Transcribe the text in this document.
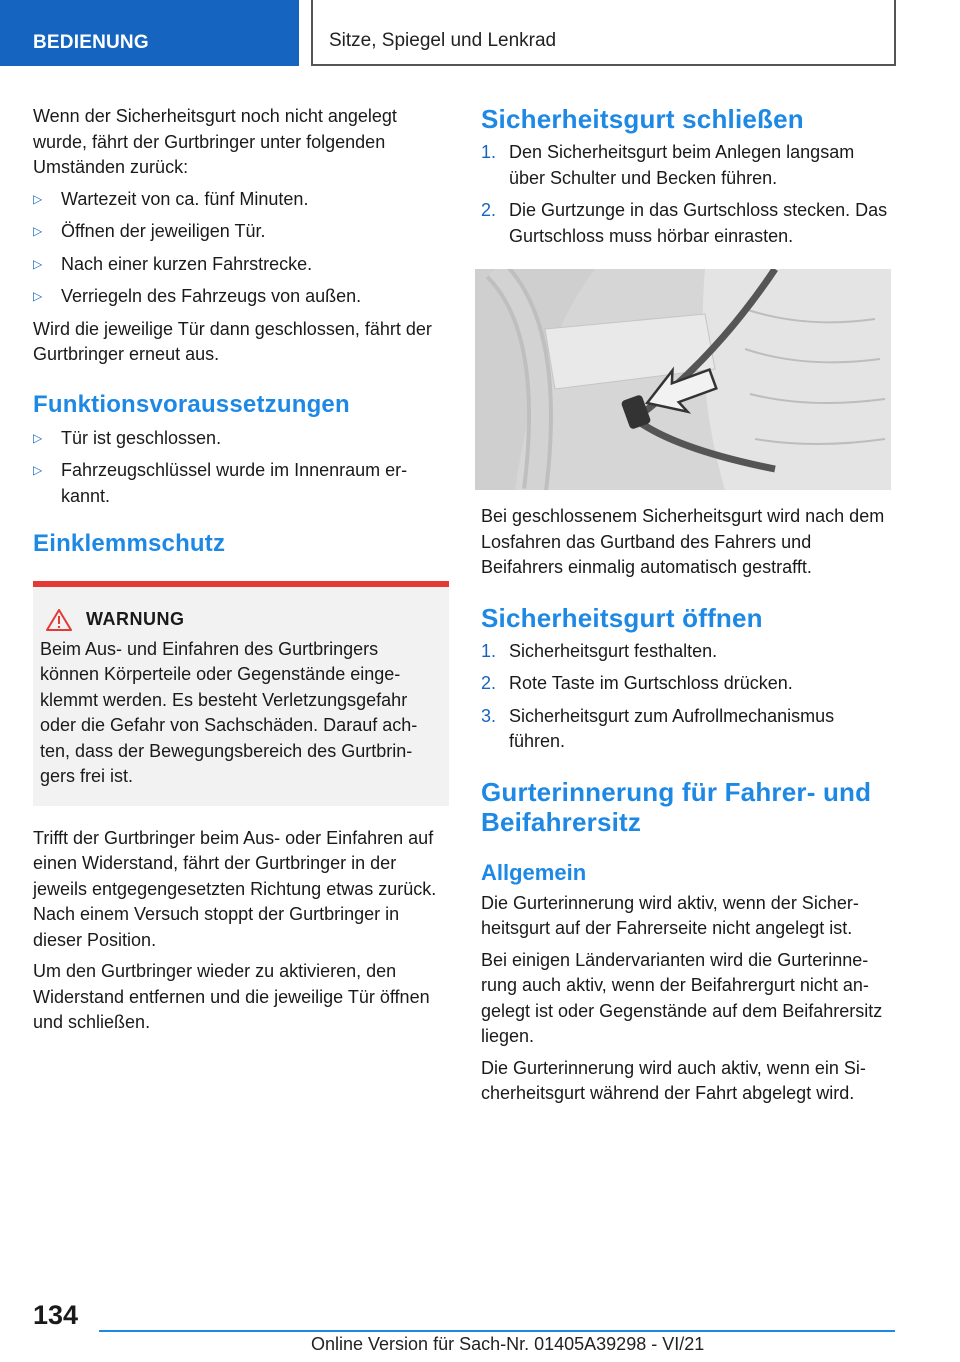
BEDIENUNG	Sitze, Spiegel und Lenkrad

Wenn der Sicherheitsgurt noch nicht angelegt wurde, fährt der Gurtbringer unter folgenden Umständen zurück:

▷ Wartezeit von ca. fünf Minuten.
▷ Öffnen der jeweiligen Tür.
▷ Nach einer kurzen Fahrstrecke.
▷ Verriegeln des Fahrzeugs von außen.

Wird die jeweilige Tür dann geschlossen, fährt der Gurtbringer erneut aus.

Funktionsvoraussetzungen
▷ Tür ist geschlossen.
▷ Fahrzeugschlüssel wurde im Innenraum erkannt.
Einklemmschutz
WARNUNG
Beim Aus- und Einfahren des Gurtbringers können Körperteile oder Gegenstände eingeklemmt werden. Es besteht Verletzungsgefahr oder die Gefahr von Sachschäden. Darauf achten, dass der Bewegungsbereich des Gurtbringers frei ist.

Trifft der Gurtbringer beim Aus- oder Einfahren auf einen Widerstand, fährt der Gurtbringer in der jeweils entgegengesetzten Richtung etwas zurück. Nach einem Versuch stoppt der Gurtbringer in dieser Position.

Um den Gurtbringer wieder zu aktivieren, den Widerstand entfernen und die jeweilige Tür öffnen und schließen.

Sicherheitsgurt schließen
1. Den Sicherheitsgurt beim Anlegen langsam über Schulter und Becken führen.
2. Die Gurtzunge in das Gurtschloss stecken. Das Gurtschloss muss hörbar einrasten.

Bei geschlossenem Sicherheitsgurt wird nach dem Losfahren das Gurtband des Fahrers und Beifahrers einmalig automatisch gestrafft.

Sicherheitsgurt öffnen
1. Sicherheitsgurt festhalten.
2. Rote Taste im Gurtschloss drücken.
3. Sicherheitsgurt zum Aufrollmechanismus führen.
Gurterinnerung für Fahrer- und Beifahrersitz
Allgemein

Die Gurterinnerung wird aktiv, wenn der Sicherheitsgurt auf der Fahrerseite nicht angelegt ist.

Bei einigen Ländervarianten wird die Gurterinnerung auch aktiv, wenn der Beifahrergurt nicht angelegt ist oder Gegenstände auf dem Beifahrersitz liegen.

Die Gurterinnerung wird auch aktiv, wenn ein Sicherheitsgurt während der Fahrt abgelegt wird.

134
Online Version für Sach-Nr. 01405A39298 - VI/21
